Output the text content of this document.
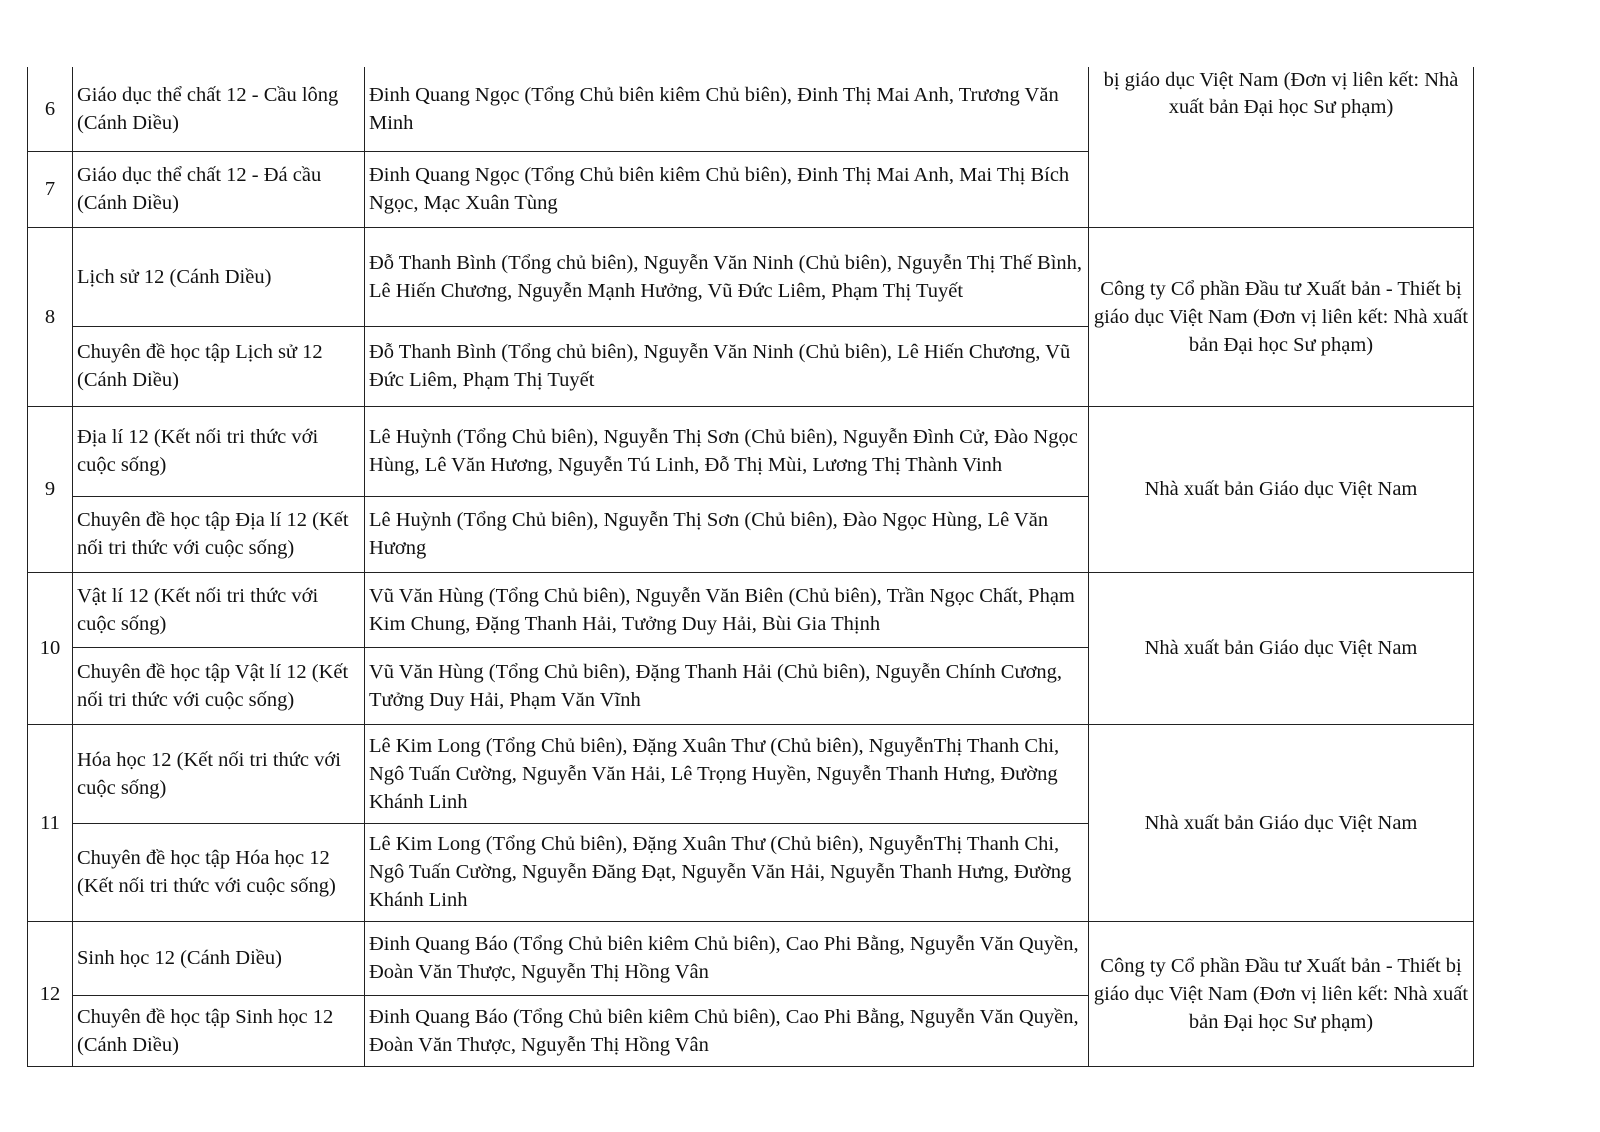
6	Giáo dục thể chất 12 - Cầu lông (Cánh Diều)	Đinh Quang Ngọc (Tổng Chủ biên kiêm Chủ biên), Đinh Thị Mai Anh, Trương Văn Minh	bị giáo dục Việt Nam (Đơn vị liên kết: Nhà xuất bản Đại học Sư phạm)
7	Giáo dục thể chất 12 - Đá cầu (Cánh Diều)	Đinh Quang Ngọc (Tổng Chủ biên kiêm Chủ biên), Đinh Thị Mai Anh, Mai Thị Bích Ngọc, Mạc Xuân Tùng	
8	Lịch sử 12 (Cánh Diều)	Đỗ Thanh Bình (Tổng chủ biên), Nguyễn Văn Ninh (Chủ biên), Nguyễn Thị Thế Bình, Lê Hiến Chương, Nguyễn Mạnh Hưởng, Vũ Đức Liêm, Phạm Thị Tuyết	Công ty Cổ phần Đầu tư Xuất bản - Thiết bị giáo dục Việt Nam (Đơn vị liên kết: Nhà xuất bản Đại học Sư phạm)
	Chuyên đề học tập Lịch sử 12 (Cánh Diều)	Đỗ Thanh Bình (Tổng chủ biên), Nguyễn Văn Ninh (Chủ biên), Lê Hiến Chương, Vũ Đức Liêm, Phạm Thị Tuyết	
9	Địa lí 12 (Kết nối tri thức với cuộc sống)	Lê Huỳnh (Tổng Chủ biên), Nguyễn Thị Sơn (Chủ biên), Nguyễn Đình Cử, Đào Ngọc Hùng, Lê Văn Hương, Nguyễn Tú Linh, Đỗ Thị Mùi, Lương Thị Thành Vinh	Nhà xuất bản Giáo dục Việt Nam
	Chuyên đề học tập Địa lí 12 (Kết nối tri thức với cuộc sống)	Lê Huỳnh (Tổng Chủ biên), Nguyễn Thị Sơn (Chủ biên), Đào Ngọc Hùng, Lê Văn Hương	
10	Vật lí 12 (Kết nối tri thức với cuộc sống)	Vũ Văn Hùng (Tổng Chủ biên), Nguyễn Văn Biên (Chủ biên), Trần Ngọc Chất, Phạm Kim Chung, Đặng Thanh Hải, Tưởng Duy Hải, Bùi Gia Thịnh	Nhà xuất bản Giáo dục Việt Nam
	Chuyên đề học tập Vật lí 12 (Kết nối tri thức với cuộc sống)	Vũ Văn Hùng (Tổng Chủ biên), Đặng Thanh Hải (Chủ biên), Nguyễn Chính Cương, Tưởng Duy Hải, Phạm Văn Vĩnh	
11	Hóa học 12 (Kết nối tri thức với cuộc sống)	Lê Kim Long (Tổng Chủ biên), Đặng Xuân Thư (Chủ biên), NguyễnThị Thanh Chi, Ngô Tuấn Cường, Nguyễn Văn Hải, Lê Trọng Huyền, Nguyễn Thanh Hưng, Đường Khánh Linh	Nhà xuất bản Giáo dục Việt Nam
	Chuyên đề học tập Hóa học 12 (Kết nối tri thức với cuộc sống)	Lê Kim Long (Tổng Chủ biên), Đặng Xuân Thư (Chủ biên), NguyễnThị Thanh Chi, Ngô Tuấn Cường, Nguyễn Đăng Đạt, Nguyễn Văn Hải, Nguyễn Thanh Hưng, Đường Khánh Linh	
12	Sinh học 12 (Cánh Diều)	Đinh Quang Báo (Tổng Chủ biên kiêm Chủ biên), Cao Phi Bằng, Nguyễn Văn Quyền, Đoàn Văn Thược, Nguyễn Thị Hồng Vân	Công ty Cổ phần Đầu tư Xuất bản - Thiết bị giáo dục Việt Nam (Đơn vị liên kết: Nhà xuất bản Đại học Sư phạm)
	Chuyên đề học tập Sinh học 12 (Cánh Diều)	Đinh Quang Báo (Tổng Chủ biên kiêm Chủ biên), Cao Phi Bằng, Nguyễn Văn Quyền, Đoàn Văn Thược, Nguyễn Thị Hồng Vân	
